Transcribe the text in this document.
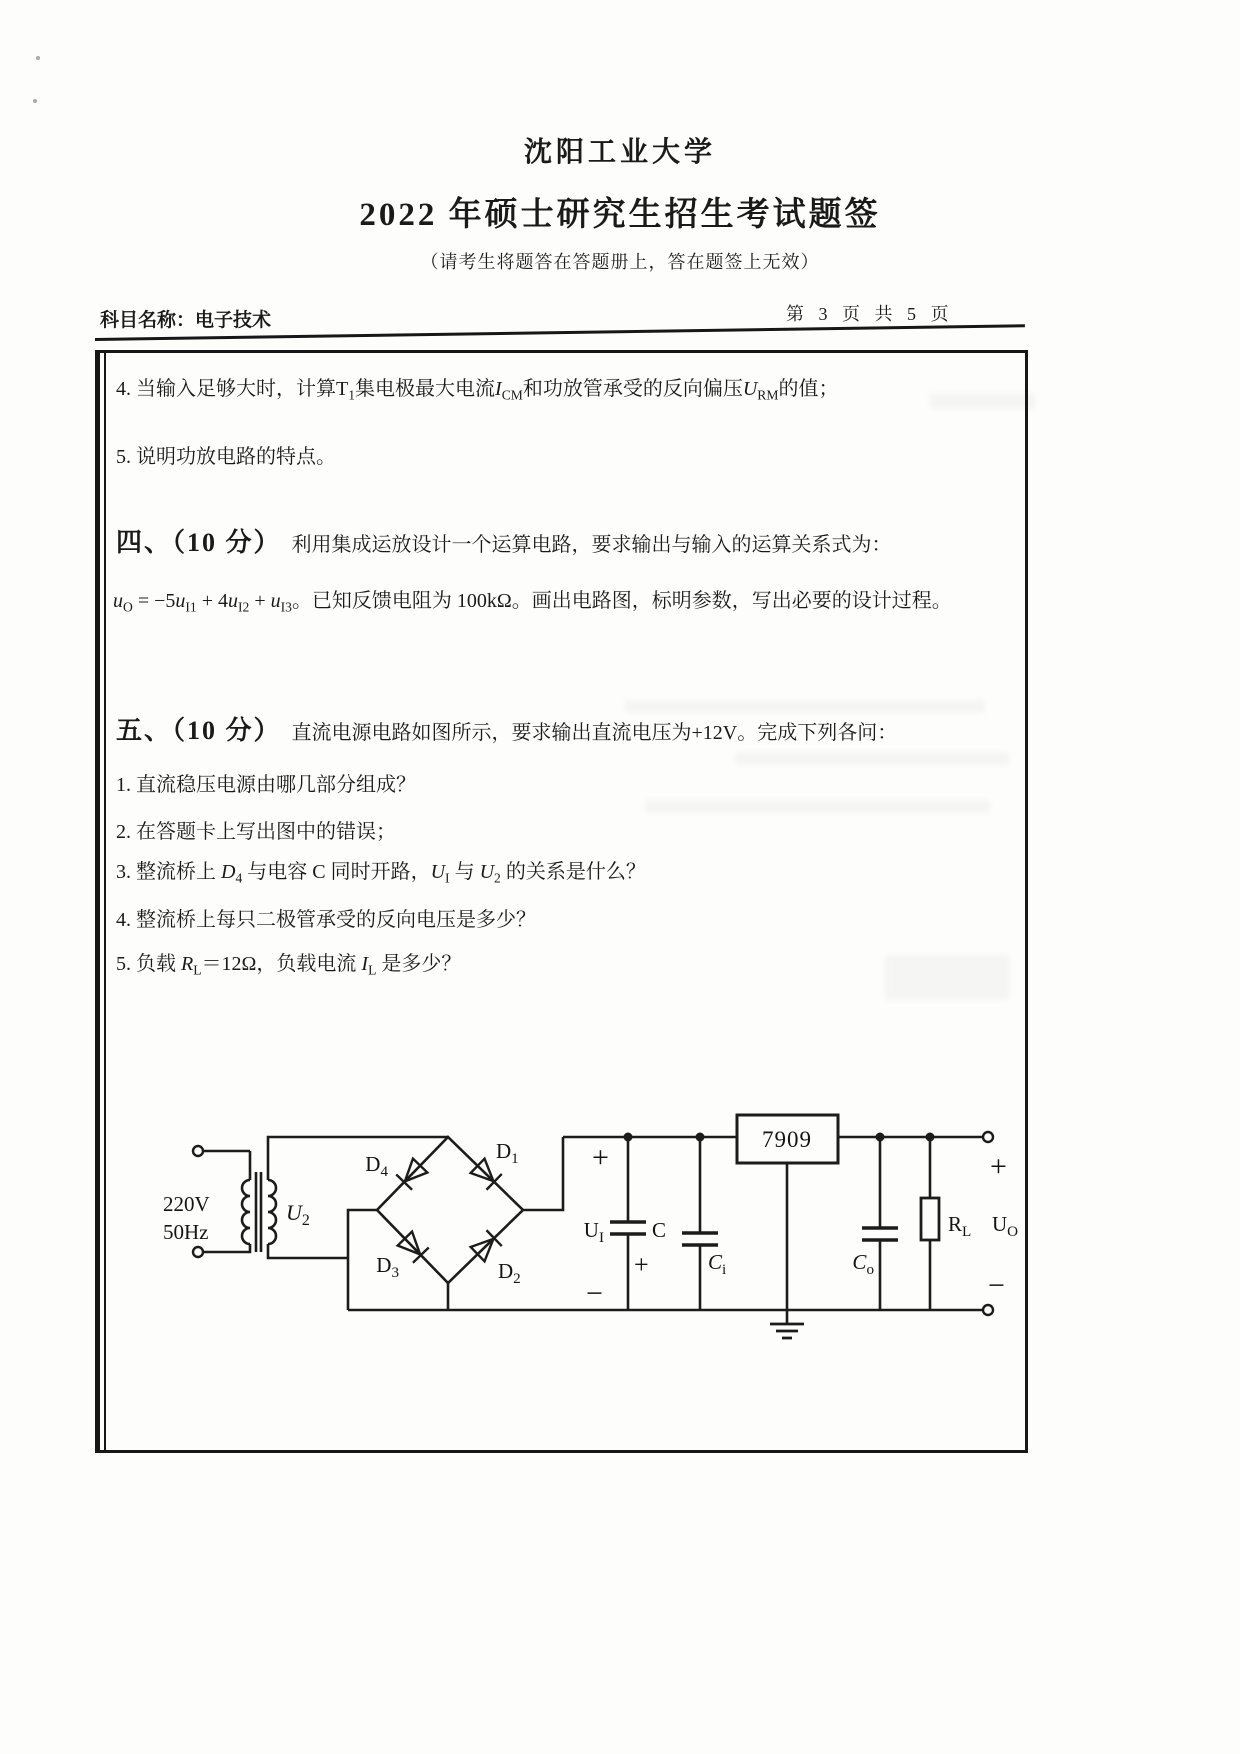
沈阳工业大学
2022 年硕士研究生招生考试题签
（请考生将题答在答题册上，答在题签上无效）
科目名称：电子技术	第 3 页 共 5 页
4. 当输入足够大时，计算$T_1$集电极最大电流$I_{CM}$和功放管承受的反向偏压$U_{RM}$的值；
5. 说明功放电路的特点。
四、（10 分） 利用集成运放设计一个运算电路，要求输出与输入的运算关系式为：
$u_O = -5u_{I1} + 4u_{I2} + u_{I3}$。已知反馈电阻为 100kΩ。画出电路图，标明参数，写出必要的设计过程。
五、（10 分） 直流电源电路如图所示，要求输出直流电压为+12V。完成下列各问：
1. 直流稳压电源由哪几部分组成？
2. 在答题卡上写出图中的错误；
3. 整流桥上 $D_4$ 与电容 C 同时开路，$U_I$ 与 $U_2$ 的关系是什么？
4. 整流桥上每只二极管承受的反向电压是多少？
5. 负载 $R_L=12\Omega$，负载电流 $I_L$ 是多少？
7909
220V
50Hz
$U_2$
$D_4$
$D_1$
$D_3$	$D_2$
+
$U_I$ C
+
−
$C_i$	$C_o$
$R_L$ $U_O$
+
−
